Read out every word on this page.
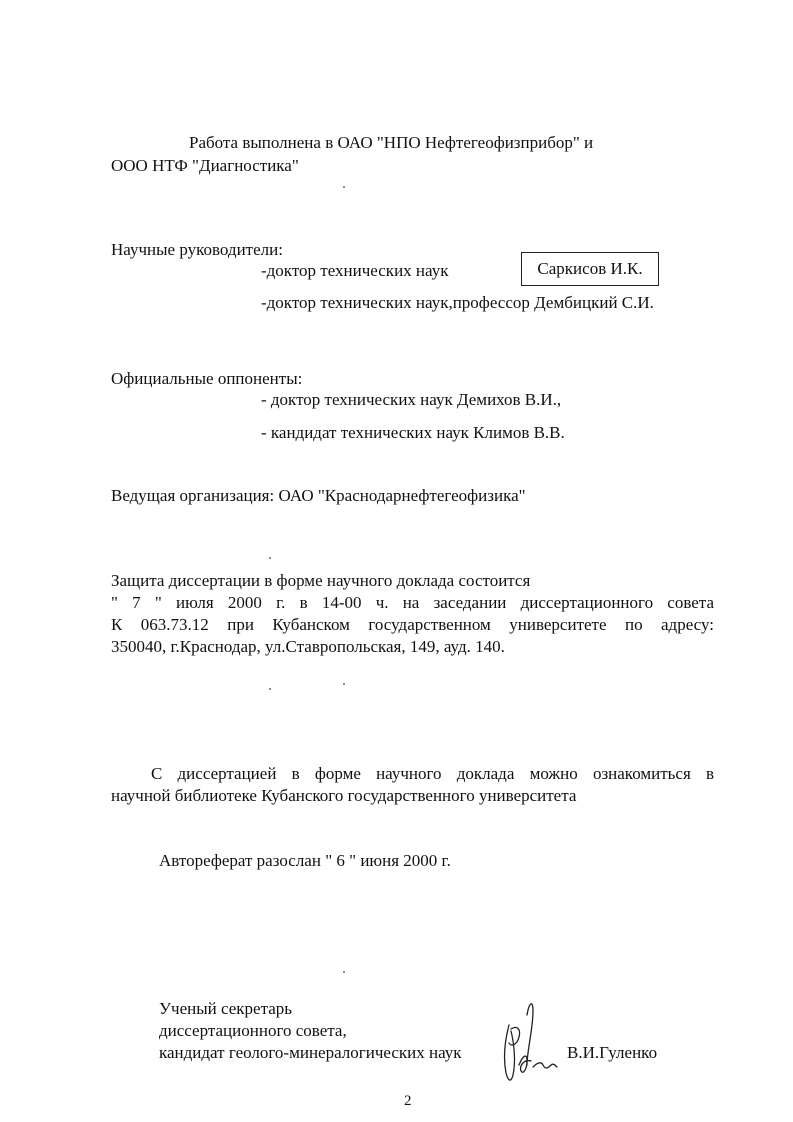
Работа выполнена в ОАО "НПО Нефтегеофизприбор" и
ООО НТФ "Диагностика"
Научные руководители:
-доктор технических наук	Саркисов И.К.
-доктор технических наук,профессор Дембицкий С.И.
Официальные оппоненты:
- доктор технических наук Демихов В.И.,
- кандидат технических наук Климов В.В.
Ведущая организация: ОАО "Краснодарнефтегеофизика"
Защита диссертации в форме научного доклада состоится
" 7 " июля 2000 г. в 14-00 ч. на заседании диссертационного совета
К 063.73.12 при Кубанском государственном университете по адресу:
350040, г.Краснодар, ул.Ставропольская, 149, ауд. 140.
С диссертацией в форме научного доклада можно ознакомиться в
научной библиотеке Кубанского государственного университета
Автореферат разослан " 6 " июня 2000 г.
Ученый секретарь
диссертационного совета,
кандидат геолого-минералогических наук	В.И.Гуленко
2
